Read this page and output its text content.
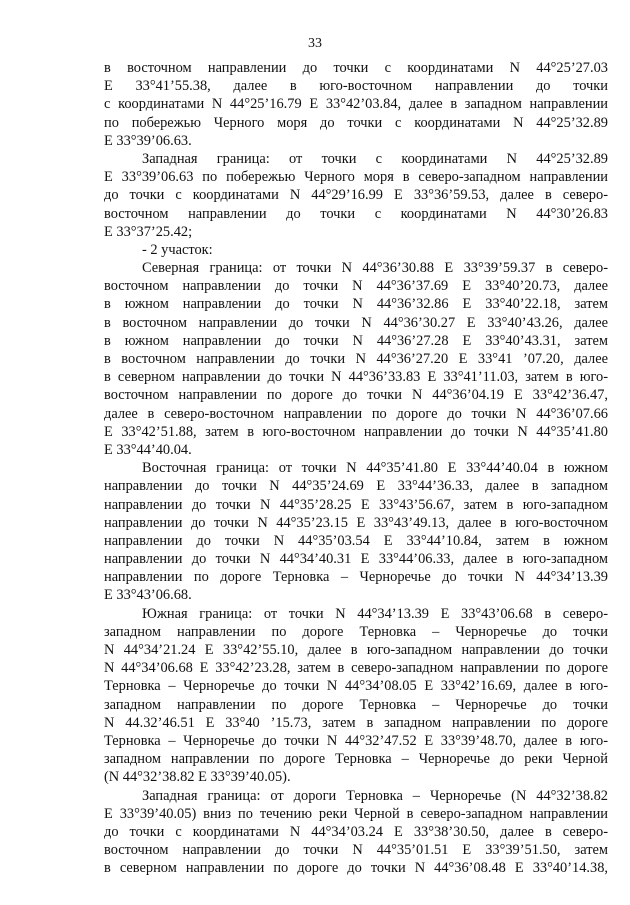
33
в восточном направлении до точки с координатами N 44°25’27.03
E 33°41’55.38, далее в юго-восточном направлении до точки
с координатами N 44°25’16.79 E 33°42’03.84, далее в западном направлении
по побережью Черного моря до точки с координатами N 44°25’32.89
E 33°39’06.63.
Западная граница: от точки с координатами N 44°25’32.89
E 33°39’06.63 по побережью Черного моря в северо-западном направлении
до точки с координатами N 44°29’16.99 E 33°36’59.53, далее в северо-
восточном направлении до точки с координатами N 44°30’26.83
E 33°37’25.42;
- 2 участок:
Северная граница: от точки N 44°36’30.88 E 33°39’59.37 в северо-
восточном направлении до точки N 44°36’37.69 E 33°40’20.73, далее
в южном направлении до точки N 44°36’32.86 E 33°40’22.18, затем
в восточном направлении до точки N 44°36’30.27 E 33°40’43.26, далее
в южном направлении до точки N 44°36’27.28 E 33°40’43.31, затем
в восточном направлении до точки N 44°36’27.20 E 33°41 ’07.20, далее
в северном направлении до точки N 44°36’33.83 E 33°41’11.03, затем в юго-
восточном направлении по дороге до точки N 44°36’04.19 E 33°42’36.47,
далее в северо-восточном направлении по дороге до точки N 44°36’07.66
E 33°42’51.88, затем в юго-восточном направлении до точки N 44°35’41.80
E 33°44’40.04.
Восточная граница: от точки N 44°35’41.80 E 33°44’40.04 в южном
направлении до точки N 44°35’24.69 E 33°44’36.33, далее в западном
направлении до точки N 44°35’28.25 E 33°43’56.67, затем в юго-западном
направлении до точки N 44°35’23.15 E 33°43’49.13, далее в юго-восточном
направлении до точки N 44°35’03.54 E 33°44’10.84, затем в южном
направлении до точки N 44°34’40.31 E 33°44’06.33, далее в юго-западном
направлении по дороге Терновка – Черноречье до точки N 44°34’13.39
E 33°43’06.68.
Южная граница: от точки N 44°34’13.39 E 33°43’06.68 в северо-
западном направлении по дороге Терновка – Черноречье до точки
N 44°34’21.24 E 33°42’55.10, далее в юго-западном направлении до точки
N 44°34’06.68 E 33°42’23.28, затем в северо-западном направлении по дороге
Терновка – Черноречье до точки N 44°34’08.05 E 33°42’16.69, далее в юго-
западном направлении по дороге Терновка – Черноречье до точки
N 44.32’46.51 E 33°40 ’15.73, затем в западном направлении по дороге
Терновка – Черноречье до точки N 44°32’47.52 E 33°39’48.70, далее в юго-
западном направлении по дороге Терновка – Черноречье до реки Черной
(N 44°32’38.82 E 33°39’40.05).
Западная граница: от дороги Терновка – Черноречье (N 44°32’38.82
E 33°39’40.05) вниз по течению реки Черной в северо-западном направлении
до точки с координатами N 44°34’03.24 E 33°38’30.50, далее в северо-
восточном направлении до точки N 44°35’01.51 E 33°39’51.50, затем
в северном направлении по дороге до точки N 44°36’08.48 E 33°40’14.38,
